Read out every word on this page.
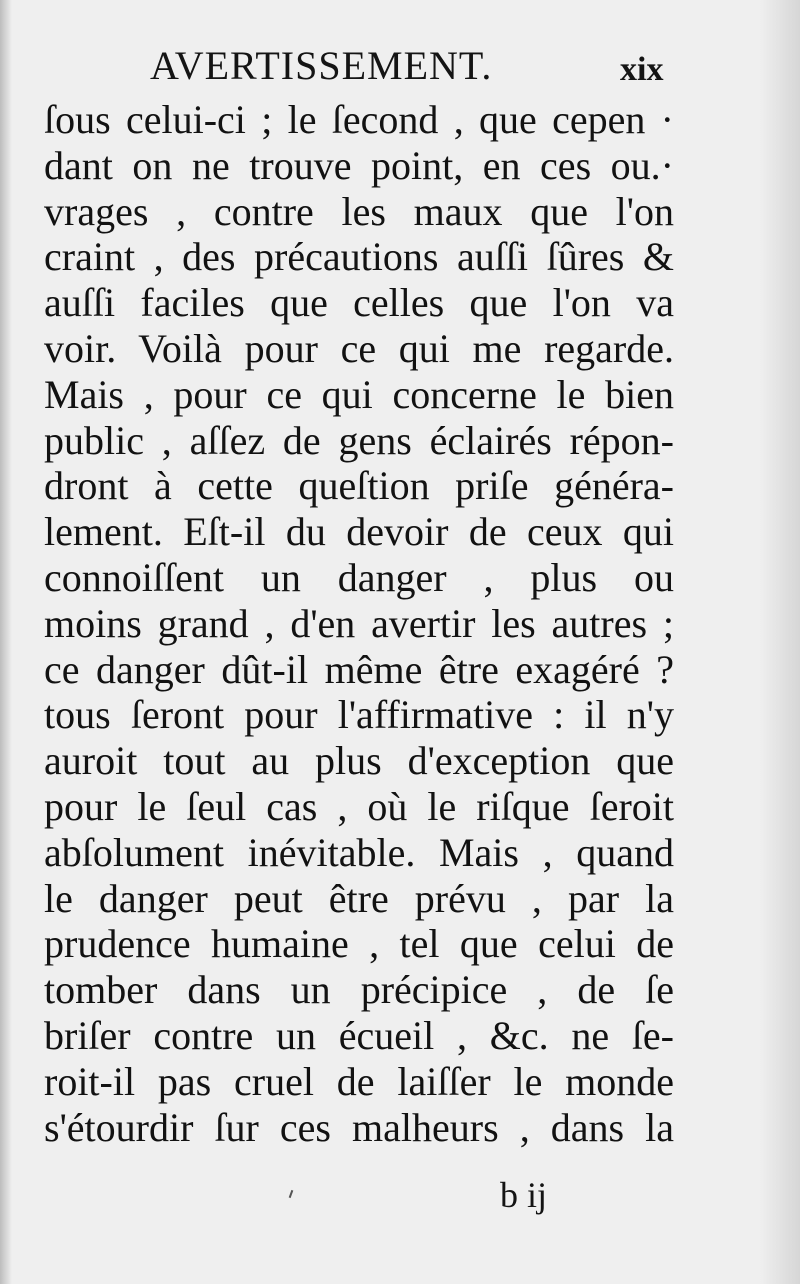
AVERTISSEMENT.	xix
ſous celui-ci ; le ſecond , que cepen ·
dant on ne trouve point, en ces ou.·
vrages , contre les maux que l'on
craint , des précautions auſſi ſûres &
auſſi faciles que celles que l'on va
voir. Voilà pour ce qui me regarde.
Mais , pour ce qui concerne le bien
public , aſſez de gens éclairés répon-
dront à cette queſtion priſe généra-
lement. Eſt-il du devoir de ceux qui
connoiſſent un danger , plus ou
moins grand , d'en avertir les autres ;
ce danger dût-il même être exagéré ?
tous ſeront pour l'affirmative : il n'y
auroit tout au plus d'exception que
pour le ſeul cas , où le riſque ſeroit
abſolument inévitable. Mais , quand
le danger peut être prévu , par la
prudence humaine , tel que celui de
tomber dans un précipice , de ſe
briſer contre un écueil , &c. ne ſe-
roit-il pas cruel de laiſſer le monde
s'étourdir ſur ces malheurs , dans la
b ij
